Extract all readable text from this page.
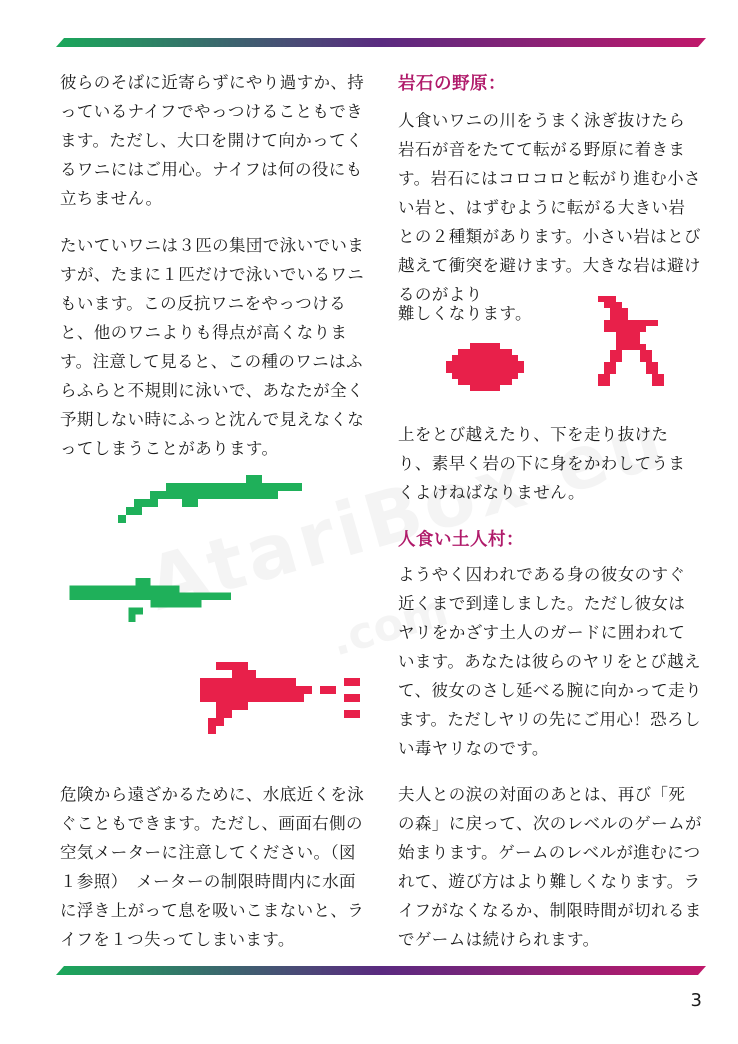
彼らのそばに近寄らずにやり過すか、持っているナイフでやっつけることもできます。ただし、大口を開けて向かってくるワニにはご用心。ナイフは何の役にも立ちません。

たいていワニは３匹の集団で泳いでいますが、たまに１匹だけで泳いでいるワニもいます。この反抗ワニをやっつけると、他のワニよりも得点が高くなります。注意して見ると、この種のワニはふらふらと不規則に泳いで、あなたが全く予期しない時にふっと沈んで見えなくなってしまうことがあります。

危険から遠ざかるために、水底近くを泳ぐこともできます。ただし、画面右側の空気メーターに注意してください。（図１参照）　メーターの制限時間内に水面に浮き上がって息を吸いこまないと、ライフを１つ失ってしまいます。

岩石の野原：

人食いワニの川をうまく泳ぎ抜けたら岩石が音をたてて転がる野原に着きます。岩石にはコロコロと転がり進む小さい岩と、はずむように転がる大きい岩との２種類があります。小さい岩はとび越えて衝突を避けます。大きな岩は避けるのがより

難しくなります。

上をとび越えたり、下を走り抜けたり、素早く岩の下に身をかわしてうまくよけねばなりません。

人食い土人村：

ようやく囚われである身の彼女のすぐ近くまで到達しました。ただし彼女はヤリをかざす土人のガードに囲われています。あなたは彼らのヤリをとび越えて、彼女のさし延べる腕に向かって走ります。ただしヤリの先にご用心！恐ろしい毒ヤリなのです。

夫人との涙の対面のあとは、再び「死の森」に戻って、次のレベルのゲームが始まります。ゲームのレベルが進むにつれて、遊び方はより難しくなります。ライフがなくなるか、制限時間が切れるまでゲームは続けられます。

3
